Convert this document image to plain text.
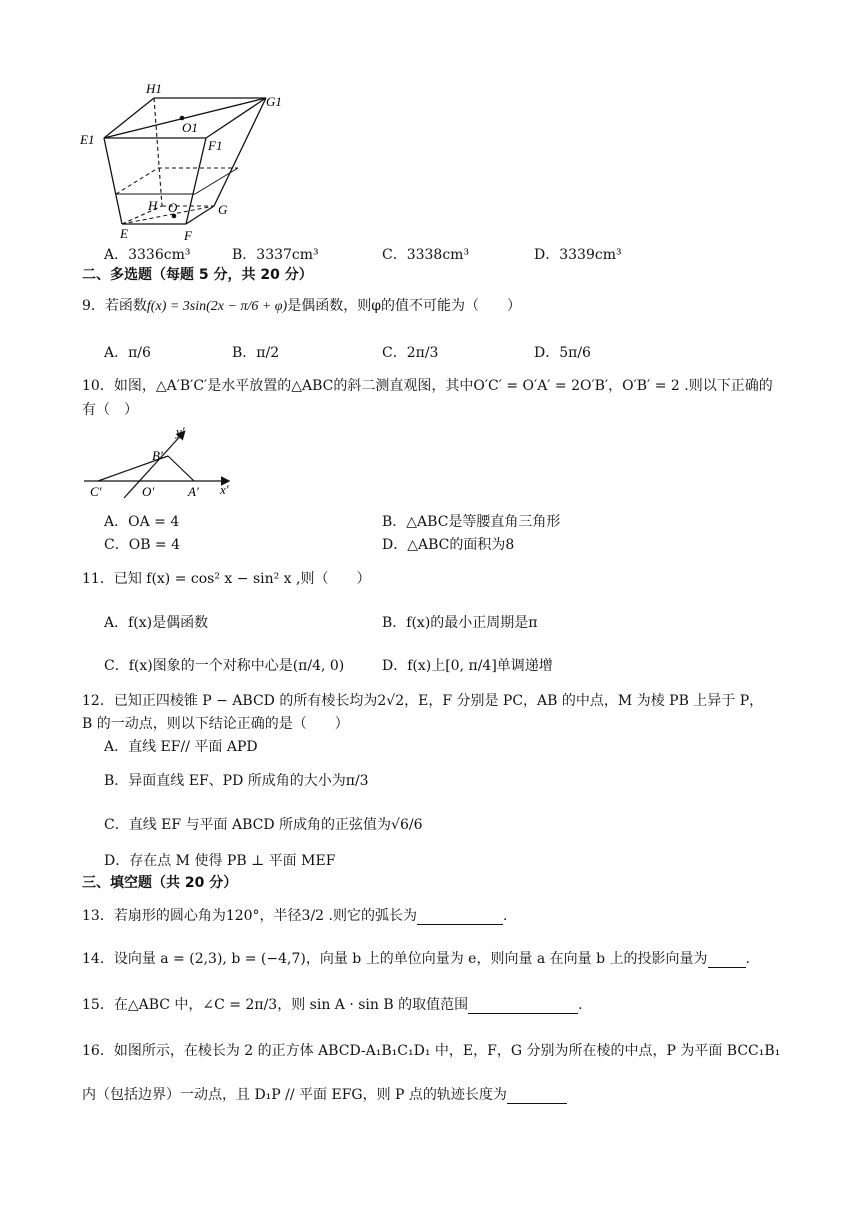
H1
G1
O1
E1	F1
H O	G
E	F
A．3336cm³	B．3337cm³	C．3338cm³	D．3339cm³
二、多选题（每题 5 分，共 20 分）
9．若函数f(x) = 3sin(2x − π/6 + φ)是偶函数，则φ的值不可能为（　　）
A．π/6	B．π/2	C．2π/3	D．5π/6
10．如图，△A′B′C′是水平放置的△ABC的斜二测直观图，其中O′C′ = O′A′ = 2O′B′，O′B′ = 2 .则以下正确的
有（　）
y′
B′
C′	O′	A′ x′
A．OA = 4	B．△ABC是等腰直角三角形
C．OB = 4	D．△ABC的面积为8
11．已知 f(x) = cos² x − sin² x ,则（　　）
A．f(x)是偶函数	B．f(x)的最小正周期是π
C．f(x)图象的一个对称中心是(π/4, 0)	D．f(x)上[0, π/4]单调递增
12．已知正四棱锥 P − ABCD 的所有棱长均为2√2，E，F 分别是 PC，AB 的中点，M 为棱 PB 上异于 P，
B 的一动点，则以下结论正确的是（　　）
A．直线 EF// 平面 APD
B．异面直线 EF、PD 所成角的大小为π/3
C．直线 EF 与平面 ABCD 所成角的正弦值为√6/6
D．存在点 M 使得 PB ⊥ 平面 MEF
三、填空题（共 20 分）
13．若扇形的圆心角为120°，半径3/2 .则它的弧长为	.
14．设向量 a = (2,3), b = (−4,7)，向量 b 上的单位向量为 e，则向量 a 在向量 b 上的投影向量为	.
15．在△ABC 中，∠C = 2π/3，则 sin A · sin B 的取值范围	.
16．如图所示，在棱长为 2 的正方体 ABCD-A₁B₁C₁D₁ 中，E，F，G 分别为所在棱的中点，P 为平面 BCC₁B₁
内（包括边界）一动点，且 D₁P // 平面 EFG，则 P 点的轨迹长度为
